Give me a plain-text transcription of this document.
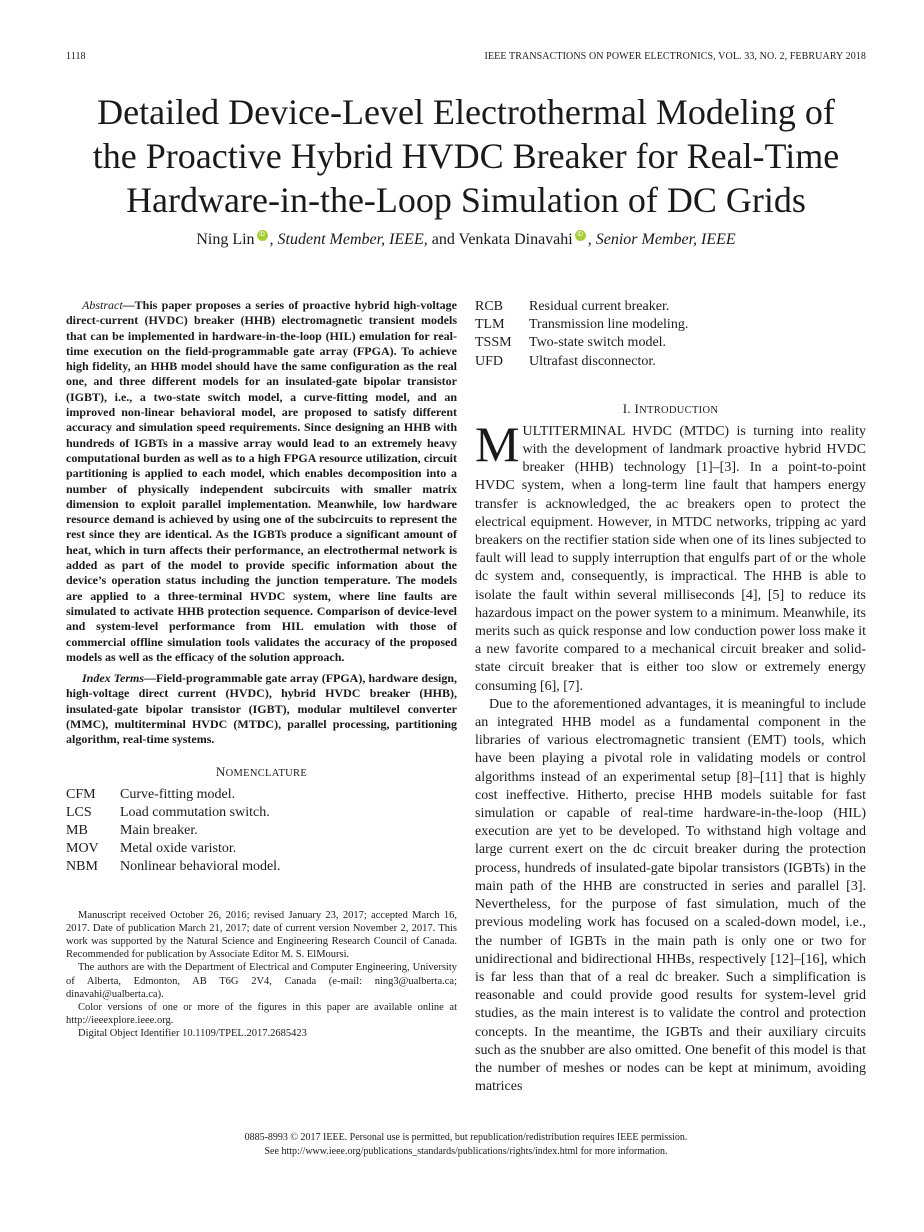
1118	IEEE TRANSACTIONS ON POWER ELECTRONICS, VOL. 33, NO. 2, FEBRUARY 2018
Detailed Device-Level Electrothermal Modeling of
the Proactive Hybrid HVDC Breaker for Real-Time
Hardware-in-the-Loop Simulation of DC Grids
Ning Lin iD , Student Member, IEEE, and Venkata Dinavahi iD , Senior Member, IEEE

Abstract—This paper proposes a series of proactive hybrid high-voltage direct-current (HVDC) breaker (HHB) electromagnetic transient models that can be implemented in hardware-in-the-loop (HIL) emulation for real-time execution on the field-programmable gate array (FPGA). To achieve high fidelity, an HHB model should have the same configuration as the real one, and three different models for an insulated-gate bipolar transistor (IGBT), i.e., a two-state switch model, a curve-fitting model, and an improved non-linear behavioral model, are proposed to satisfy different accuracy and simulation speed requirements. Since designing an HHB with hundreds of IGBTs in a massive array would lead to an extremely heavy computational burden as well as to a high FPGA resource utilization, circuit partitioning is applied to each model, which enables decomposition into a number of physically independent subcircuits with smaller matrix dimension to exploit parallel implementation. Meanwhile, low hardware resource demand is achieved by using one of the subcircuits to represent the rest since they are identical. As the IGBTs produce a significant amount of heat, which in turn affects their performance, an electrothermal network is added as part of the model to provide specific information about the device’s operation status including the junction temperature. The models are applied to a three-terminal HVDC system, where line faults are simulated to activate HHB protection sequence. Comparison of device-level and system-level performance from HIL emulation with those of commercial offline simulation tools validates the accuracy of the proposed models as well as the efficacy of the solution approach.

Index Terms—Field-programmable gate array (FPGA), hardware design, high-voltage direct current (HVDC), hybrid HVDC breaker (HHB), insulated-gate bipolar transistor (IGBT), modular multilevel converter (MMC), multiterminal HVDC (MTDC), parallel processing, partitioning algorithm, real-time systems.

NOMENCLATURE

CFM	Curve-fitting model.
LCS	Load commutation switch.
MB	Main breaker.
MOV	Metal oxide varistor.
NBM	Nonlinear behavioral model.

Manuscript received October 26, 2016; revised January 23, 2017; accepted March 16, 2017. Date of publication March 21, 2017; date of current version November 2, 2017. This work was supported by the Natural Science and Engineering Research Council of Canada. Recommended for publication by Associate Editor M. S. ElMoursi.

The authors are with the Department of Electrical and Computer Engineering, University of Alberta, Edmonton, AB T6G 2V4, Canada (e-mail: ning3@ualberta.ca; dinavahi@ualberta.ca).

Color versions of one or more of the figures in this paper are available online at http://ieeexplore.ieee.org.

Digital Object Identifier 10.1109/TPEL.2017.2685423

RCB	Residual current breaker.
TLM	Transmission line modeling.
TSSM	Two-state switch model.
UFD	Ultrafast disconnector.

I. INTRODUCTION

MULTITERMINAL HVDC (MTDC) is turning into reality with the development of landmark proactive hybrid HVDC breaker (HHB) technology [1]–[3]. In a point-to-point HVDC system, when a long-term line fault that hampers energy transfer is acknowledged, the ac breakers open to protect the electrical equipment. However, in MTDC networks, tripping ac yard breakers on the rectifier station side when one of its lines subjected to fault will lead to supply interruption that engulfs part of or the whole dc system and, consequently, is impractical. The HHB is able to isolate the fault within several milliseconds [4], [5] to reduce its hazardous impact on the power system to a minimum. Meanwhile, its merits such as quick response and low conduction power loss make it a new favorite compared to a mechanical circuit breaker and solid-state circuit breaker that is either too slow or extremely energy consuming [6], [7].

Due to the aforementioned advantages, it is meaningful to include an integrated HHB model as a fundamental component in the libraries of various electromagnetic transient (EMT) tools, which have been playing a pivotal role in validating models or control algorithms instead of an experimental setup [8]–[11] that is highly cost ineffective. Hitherto, precise HHB models suitable for fast simulation or capable of real-time hardware-in-the-loop (HIL) execution are yet to be developed. To withstand high voltage and large current exert on the dc circuit breaker during the protection process, hundreds of insulated-gate bipolar transistors (IGBTs) in the main path of the HHB are constructed in series and parallel [3]. Nevertheless, for the purpose of fast simulation, much of the previous modeling work has focused on a scaled-down model, i.e., the number of IGBTs in the main path is only one or two for unidirectional and bidirectional HHBs, respectively [12]–[16], which is far less than that of a real dc breaker. Such a simplification is reasonable and could provide good results for system-level grid studies, as the main interest is to validate the control and protection concepts. In the meantime, the IGBTs and their auxiliary circuits such as the snubber are also omitted. One benefit of this model is that the number of meshes or nodes can be kept at minimum, avoiding matrices

0885-8993 © 2017 IEEE. Personal use is permitted, but republication/redistribution requires IEEE permission.
See http://www.ieee.org/publications_standards/publications/rights/index.html for more information.
